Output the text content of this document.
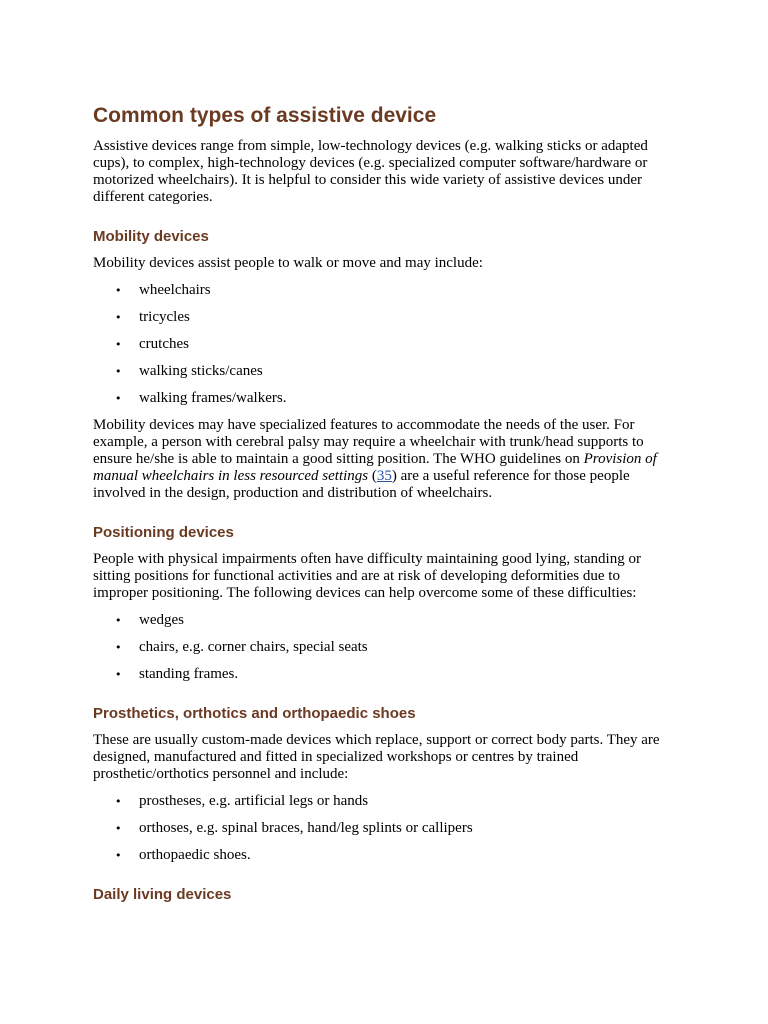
Common types of assistive device

Assistive devices range from simple, low-technology devices (e.g. walking sticks or adapted cups), to complex, high-technology devices (e.g. specialized computer software/hardware or motorized wheelchairs). It is helpful to consider this wide variety of assistive devices under different categories.

Mobility devices

Mobility devices assist people to walk or move and may include:

• wheelchairs
• tricycles
• crutches
• walking sticks/canes
• walking frames/walkers.

Mobility devices may have specialized features to accommodate the needs of the user. For example, a person with cerebral palsy may require a wheelchair with trunk/head supports to ensure he/she is able to maintain a good sitting position. The WHO guidelines on Provision of manual wheelchairs in less resourced settings (35) are a useful reference for those people involved in the design, production and distribution of wheelchairs.

Positioning devices

People with physical impairments often have difficulty maintaining good lying, standing or sitting positions for functional activities and are at risk of developing deformities due to improper positioning. The following devices can help overcome some of these difficulties:

• wedges
• chairs, e.g. corner chairs, special seats
• standing frames.
Prosthetics, orthotics and orthopaedic shoes

These are usually custom-made devices which replace, support or correct body parts. They are designed, manufactured and fitted in specialized workshops or centres by trained prosthetic/orthotics personnel and include:

• prostheses, e.g. artificial legs or hands
• orthoses, e.g. spinal braces, hand/leg splints or callipers
• orthopaedic shoes.
Daily living devices
